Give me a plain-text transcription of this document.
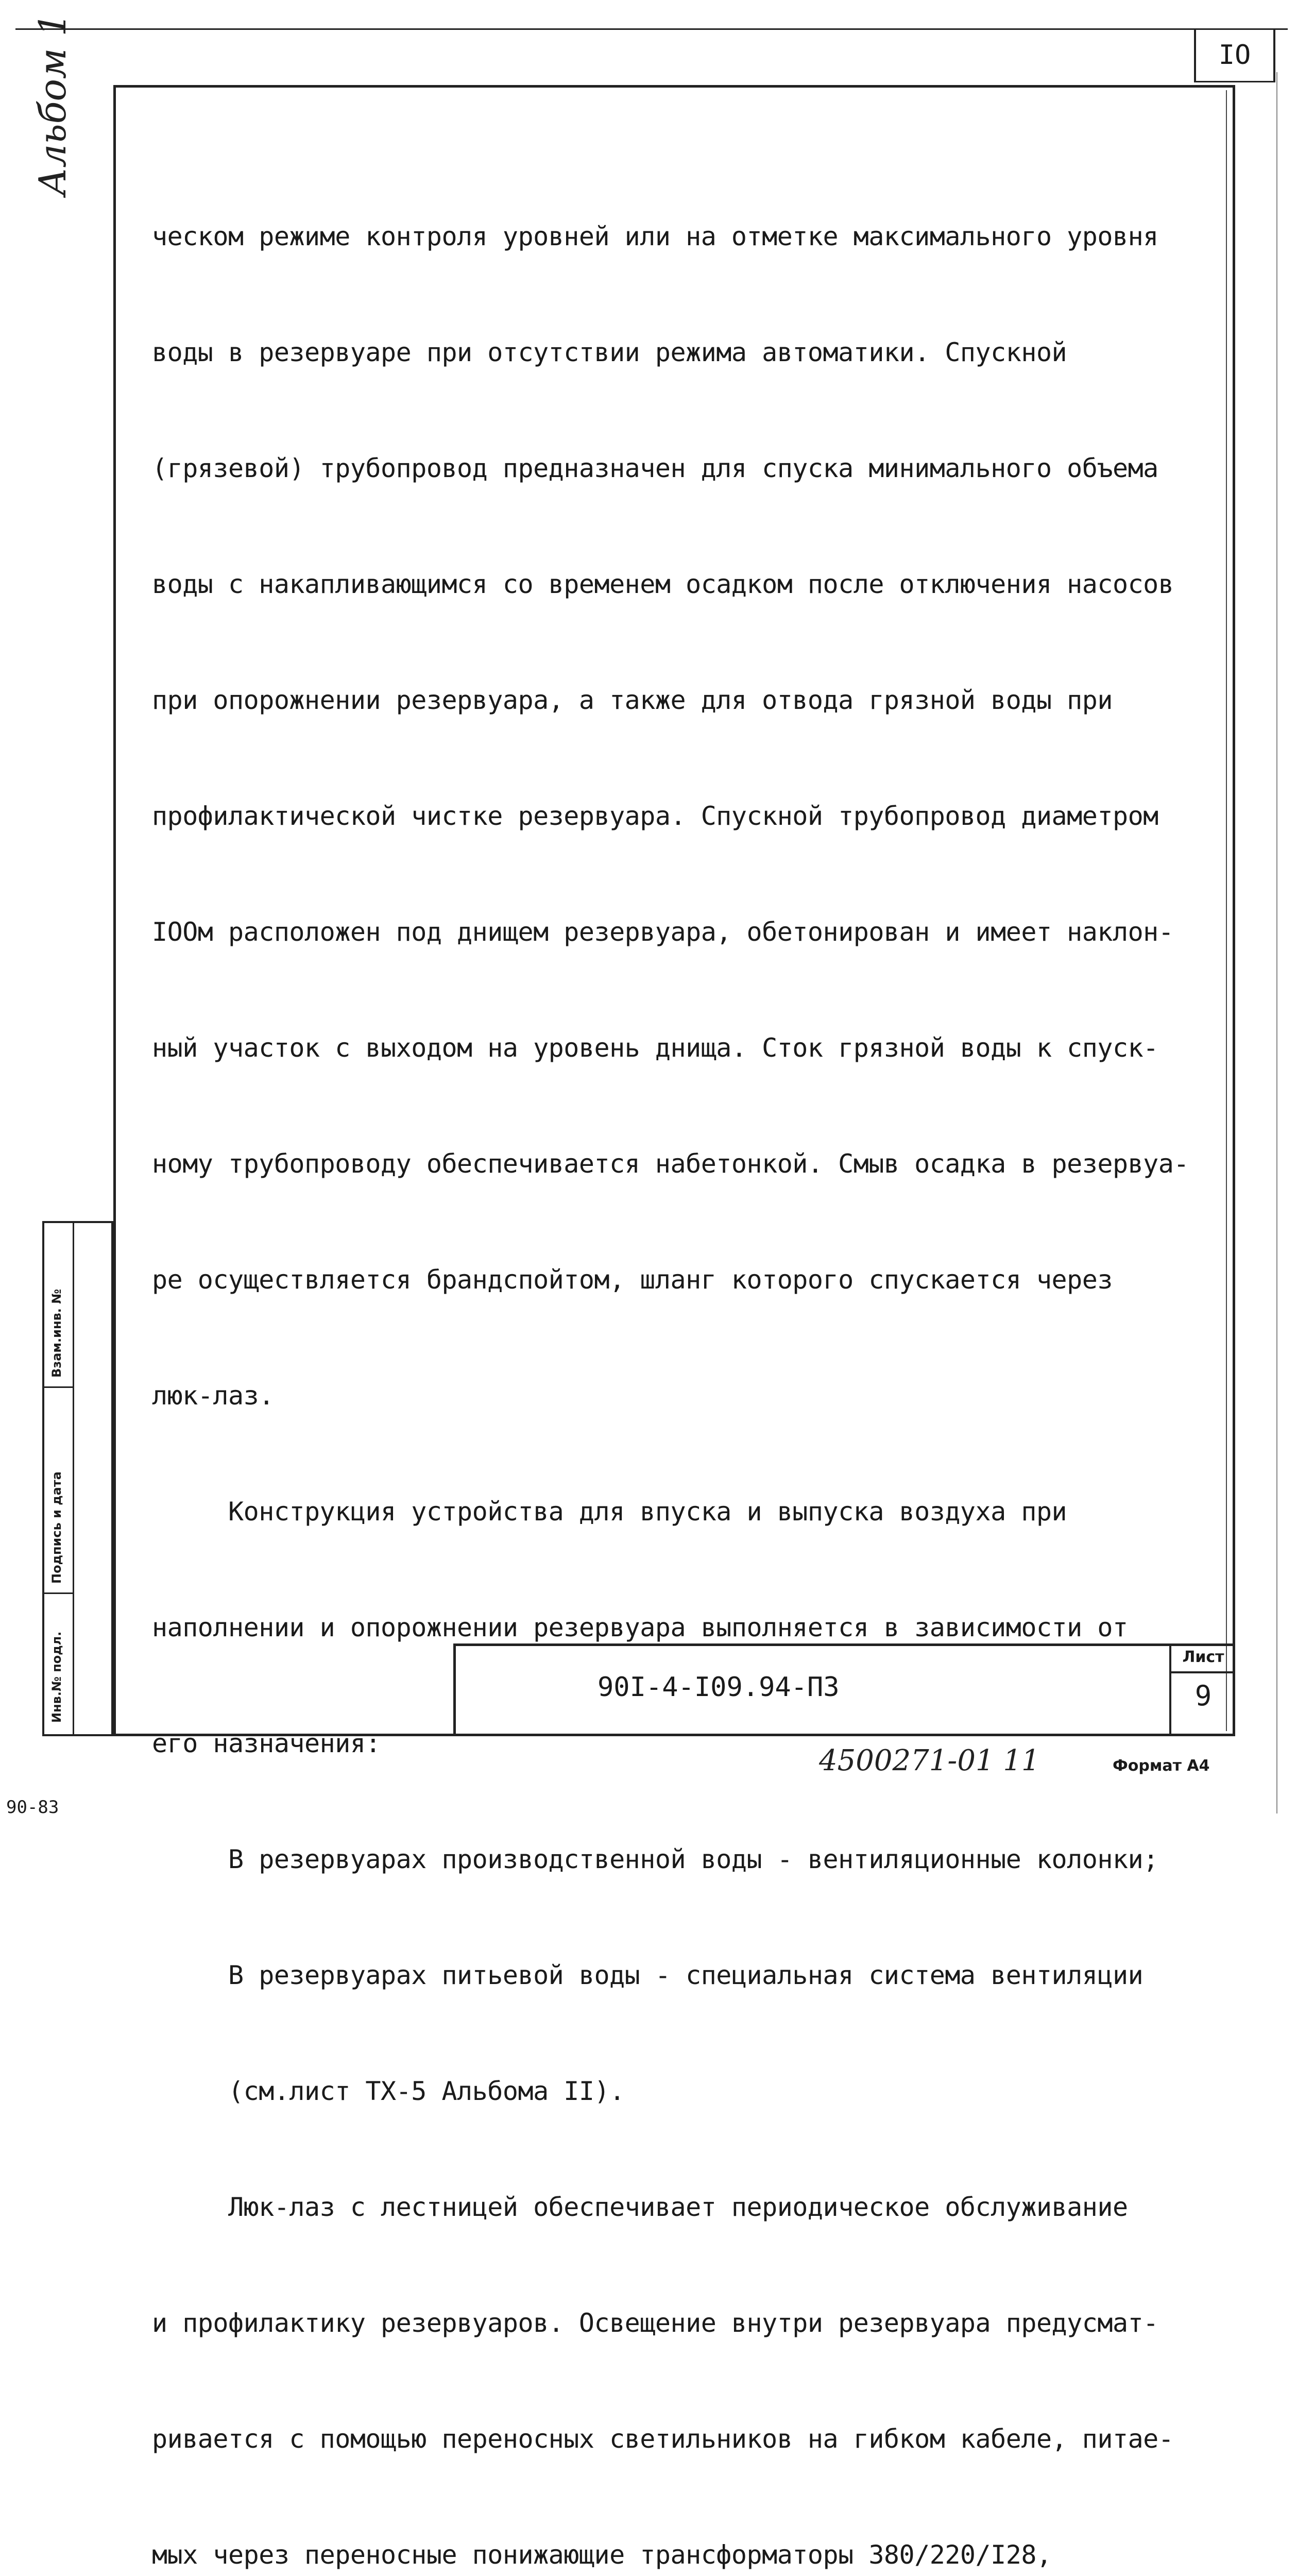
IO
Альбом 1

ческом режиме контроля уровней или на отметке максимального уровня

воды в резервуаре при отсутствии режима автоматики. Спускной

(грязевой) трубопровод предназначен для спуска минимального объема

воды с накапливающимся со временем осадком после отключения насосов

при опорожнении резервуара, а также для отвода грязной воды при

профилактической чистке резервуара. Спускной трубопровод диаметром

IOOм расположен под днищем резервуара, обетонирован и имеет наклон-

ный участок с выходом на уровень днища. Сток грязной воды к спуск-

ному трубопроводу обеспечивается набетонкой. Смыв осадка в резервуа-

ре осуществляется брандспойтом, шланг которого спускается через

люк-лаз.

Конструкция устройства для впуска и выпуска воздуха при

наполнении и опорожнении резервуара выполняется в зависимости от

его назначения:

В резервуарах производственной воды - вентиляционные колонки;

В резервуарах питьевой воды - специальная система вентиляции

(см.лист ТХ-5 Альбома II).

Люк-лаз с лестницей обеспечивает периодическое обслуживание

и профилактику резервуаров. Освещение внутри резервуара предусмат-

ривается с помощью переносных светильников на гибком кабеле, питае-

мых через переносные понижающие трансформаторы 380/220/I28,

Взам.инв. №
Подпись и дата
Инв.№ подл.	90I-4-I09.94-ПЗ
Лист
9
4500271-01 11	Формат А4
90-83
